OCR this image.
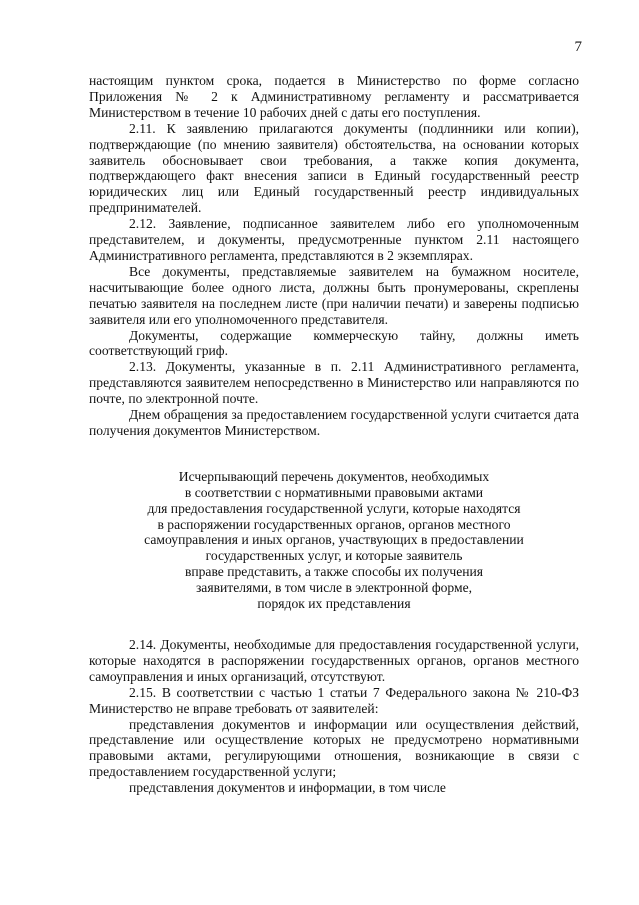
7

настоящим пунктом срока, подается в Министерство по форме согласно Приложения № 2 к Административному регламенту и рассматривается Министерством в течение 10 рабочих дней с даты его поступления.

2.11. К заявлению прилагаются документы (подлинники или копии), подтверждающие (по мнению заявителя) обстоятельства, на основании которых заявитель обосновывает свои требования, а также копия документа, подтверждающего факт внесения записи в Единый государственный реестр юридических лиц или Единый государственный реестр индивидуальных предпринимателей.

2.12. Заявление, подписанное заявителем либо его уполномоченным представителем, и документы, предусмотренные пунктом 2.11 настоящего Административного регламента, представляются в 2 экземплярах.

Все документы, представляемые заявителем на бумажном носителе, насчитывающие более одного листа, должны быть пронумерованы, скреплены печатью заявителя на последнем листе (при наличии печати) и заверены подписью заявителя или его уполномоченного представителя.

Документы, содержащие коммерческую тайну, должны иметь соответствующий гриф.

2.13. Документы, указанные в п. 2.11 Административного регламента, представляются заявителем непосредственно в Министерство или направляются по почте, по электронной почте.

Днем обращения за предоставлением государственной услуги считается дата получения документов Министерством.

Исчерпывающий перечень документов, необходимых
в соответствии с нормативными правовыми актами
для предоставления государственной услуги, которые находятся
в распоряжении государственных органов, органов местного
самоуправления и иных органов, участвующих в предоставлении
государственных услуг, и которые заявитель
вправе представить, а также способы их получения
заявителями, в том числе в электронной форме,
порядок их представления

2.14. Документы, необходимые для предоставления государственной услуги, которые находятся в распоряжении государственных органов, органов местного самоуправления и иных организаций, отсутствуют.

2.15. В соответствии с частью 1 статьи 7 Федерального закона № 210-ФЗ Министерство не вправе требовать от заявителей:

представления документов и информации или осуществления действий, представление или осуществление которых не предусмотрено нормативными правовыми актами, регулирующими отношения, возникающие в связи с предоставлением государственной услуги;

представления документов и информации, в том числе
